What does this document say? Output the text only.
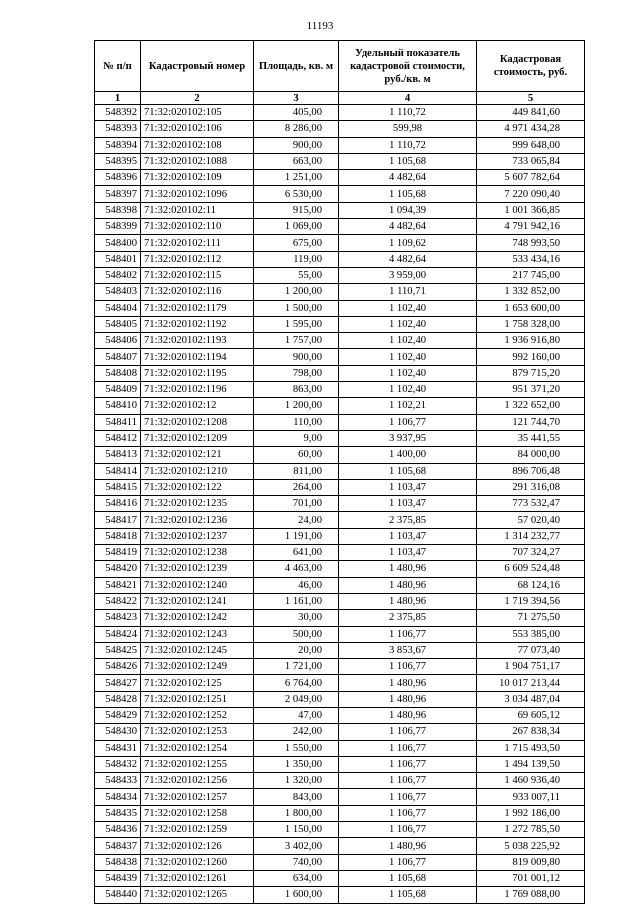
11193
№ п/п	Кадастровый номер	Площадь, кв. м	Удельный показатель кадастровой стоимости, руб./кв. м	Кадастровая стоимость, руб.
1	2	3	4	5
548392	71:32:020102:105	405,00	1 110,72	449 841,60
548393	71:32:020102:106	8 286,00	599,98	4 971 434,28
548394	71:32:020102:108	900,00	1 110,72	999 648,00
548395	71:32:020102:1088	663,00	1 105,68	733 065,84
548396	71:32:020102:109	1 251,00	4 482,64	5 607 782,64
548397	71:32:020102:1096	6 530,00	1 105,68	7 220 090,40
548398	71:32:020102:11	915,00	1 094,39	1 001 366,85
548399	71:32:020102:110	1 069,00	4 482,64	4 791 942,16
548400	71:32:020102:111	675,00	1 109,62	748 993,50
548401	71:32:020102:112	119,00	4 482,64	533 434,16
548402	71:32:020102:115	55,00	3 959,00	217 745,00
548403	71:32:020102:116	1 200,00	1 110,71	1 332 852,00
548404	71:32:020102:1179	1 500,00	1 102,40	1 653 600,00
548405	71:32:020102:1192	1 595,00	1 102,40	1 758 328,00
548406	71:32:020102:1193	1 757,00	1 102,40	1 936 916,80
548407	71:32:020102:1194	900,00	1 102,40	992 160,00
548408	71:32:020102:1195	798,00	1 102,40	879 715,20
548409	71:32:020102:1196	863,00	1 102,40	951 371,20
548410	71:32:020102:12	1 200,00	1 102,21	1 322 652,00
548411	71:32:020102:1208	110,00	1 106,77	121 744,70
548412	71:32:020102:1209	9,00	3 937,95	35 441,55
548413	71:32:020102:121	60,00	1 400,00	84 000,00
548414	71:32:020102:1210	811,00	1 105,68	896 706,48
548415	71:32:020102:122	264,00	1 103,47	291 316,08
548416	71:32:020102:1235	701,00	1 103,47	773 532,47
548417	71:32:020102:1236	24,00	2 375,85	57 020,40
548418	71:32:020102:1237	1 191,00	1 103,47	1 314 232,77
548419	71:32:020102:1238	641,00	1 103,47	707 324,27
548420	71:32:020102:1239	4 463,00	1 480,96	6 609 524,48
548421	71:32:020102:1240	46,00	1 480,96	68 124,16
548422	71:32:020102:1241	1 161,00	1 480,96	1 719 394,56
548423	71:32:020102:1242	30,00	2 375,85	71 275,50
548424	71:32:020102:1243	500,00	1 106,77	553 385,00
548425	71:32:020102:1245	20,00	3 853,67	77 073,40
548426	71:32:020102:1249	1 721,00	1 106,77	1 904 751,17
548427	71:32:020102:125	6 764,00	1 480,96	10 017 213,44
548428	71:32:020102:1251	2 049,00	1 480,96	3 034 487,04
548429	71:32:020102:1252	47,00	1 480,96	69 605,12
548430	71:32:020102:1253	242,00	1 106,77	267 838,34
548431	71:32:020102:1254	1 550,00	1 106,77	1 715 493,50
548432	71:32:020102:1255	1 350,00	1 106,77	1 494 139,50
548433	71:32:020102:1256	1 320,00	1 106,77	1 460 936,40
548434	71:32:020102:1257	843,00	1 106,77	933 007,11
548435	71:32:020102:1258	1 800,00	1 106,77	1 992 186,00
548436	71:32:020102:1259	1 150,00	1 106,77	1 272 785,50
548437	71:32:020102:126	3 402,00	1 480,96	5 038 225,92
548438	71:32:020102:1260	740,00	1 106,77	819 009,80
548439	71:32:020102:1261	634,00	1 105,68	701 001,12
548440	71:32:020102:1265	1 600,00	1 105,68	1 769 088,00
